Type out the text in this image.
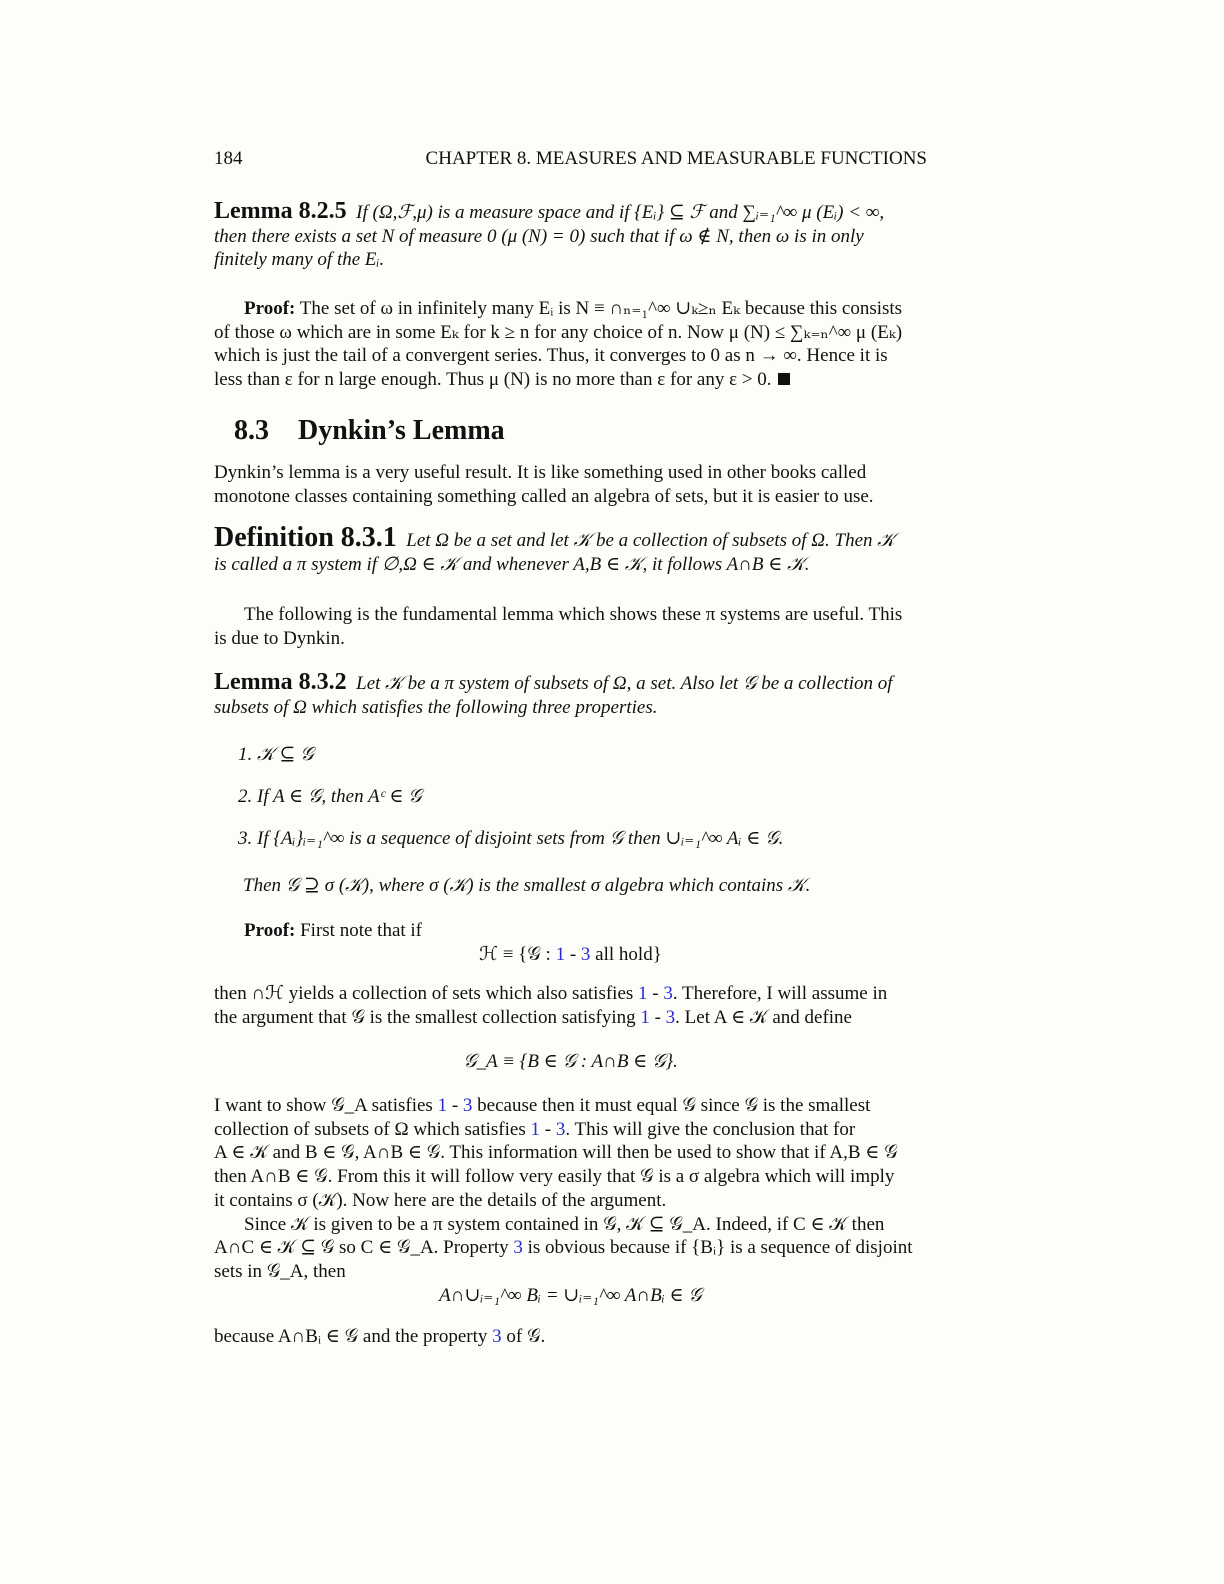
184	CHAPTER 8. MEASURES AND MEASURABLE FUNCTIONS

Lemma 8.2.5 If (Ω,ℱ,μ) is a measure space and if {Eᵢ} ⊆ ℱ and ∑ᵢ₌₁^∞ μ (Eᵢ) < ∞,

then there exists a set N of measure 0 (μ (N) = 0) such that if ω ∉ N, then ω is in only

finitely many of the Eᵢ.

Proof: The set of ω in infinitely many Eᵢ is N ≡ ∩ₙ₌₁^∞ ∪ₖ≥ₙ Eₖ because this consists

of those ω which are in some Eₖ for k ≥ n for any choice of n. Now μ (N) ≤ ∑ₖ₌ₙ^∞ μ (Eₖ)

which is just the tail of a convergent series. Thus, it converges to 0 as n → ∞. Hence it is

less than ε for n large enough. Thus μ (N) is no more than ε for any ε > 0.

8.3 Dynkin’s Lemma

Dynkin’s lemma is a very useful result. It is like something used in other books called

monotone classes containing something called an algebra of sets, but it is easier to use.

Definition 8.3.1 Let Ω be a set and let 𝒦 be a collection of subsets of Ω. Then 𝒦

is called a π system if ∅,Ω ∈ 𝒦 and whenever A,B ∈ 𝒦, it follows A∩B ∈ 𝒦.

The following is the fundamental lemma which shows these π systems are useful. This

is due to Dynkin.

Lemma 8.3.2 Let 𝒦 be a π system of subsets of Ω, a set. Also let 𝒢 be a collection of

subsets of Ω which satisfies the following three properties.

1. 𝒦 ⊆ 𝒢
2. If A ∈ 𝒢, then Aᶜ ∈ 𝒢
3. If {Aᵢ}ᵢ₌₁^∞ is a sequence of disjoint sets from 𝒢 then ∪ᵢ₌₁^∞ Aᵢ ∈ 𝒢.
Then 𝒢 ⊇ σ (𝒦), where σ (𝒦) is the smallest σ algebra which contains 𝒦.

Proof: First note that if

ℋ ≡ {𝒢 : 1 - 3 all hold}

then ∩ℋ yields a collection of sets which also satisfies 1 - 3. Therefore, I will assume in

the argument that 𝒢 is the smallest collection satisfying 1 - 3. Let A ∈ 𝒦 and define

𝒢_A ≡ {B ∈ 𝒢 : A∩B ∈ 𝒢}.

I want to show 𝒢_A satisfies 1 - 3 because then it must equal 𝒢 since 𝒢 is the smallest

collection of subsets of Ω which satisfies 1 - 3. This will give the conclusion that for

A ∈ 𝒦 and B ∈ 𝒢, A∩B ∈ 𝒢. This information will then be used to show that if A,B ∈ 𝒢

then A∩B ∈ 𝒢. From this it will follow very easily that 𝒢 is a σ algebra which will imply

it contains σ (𝒦). Now here are the details of the argument.

Since 𝒦 is given to be a π system contained in 𝒢, 𝒦 ⊆ 𝒢_A. Indeed, if C ∈ 𝒦 then

A∩C ∈ 𝒦 ⊆ 𝒢 so C ∈ 𝒢_A. Property 3 is obvious because if {Bᵢ} is a sequence of disjoint

sets in 𝒢_A, then

A∩∪ᵢ₌₁^∞ Bᵢ = ∪ᵢ₌₁^∞ A∩Bᵢ ∈ 𝒢

because A∩Bᵢ ∈ 𝒢 and the property 3 of 𝒢.
